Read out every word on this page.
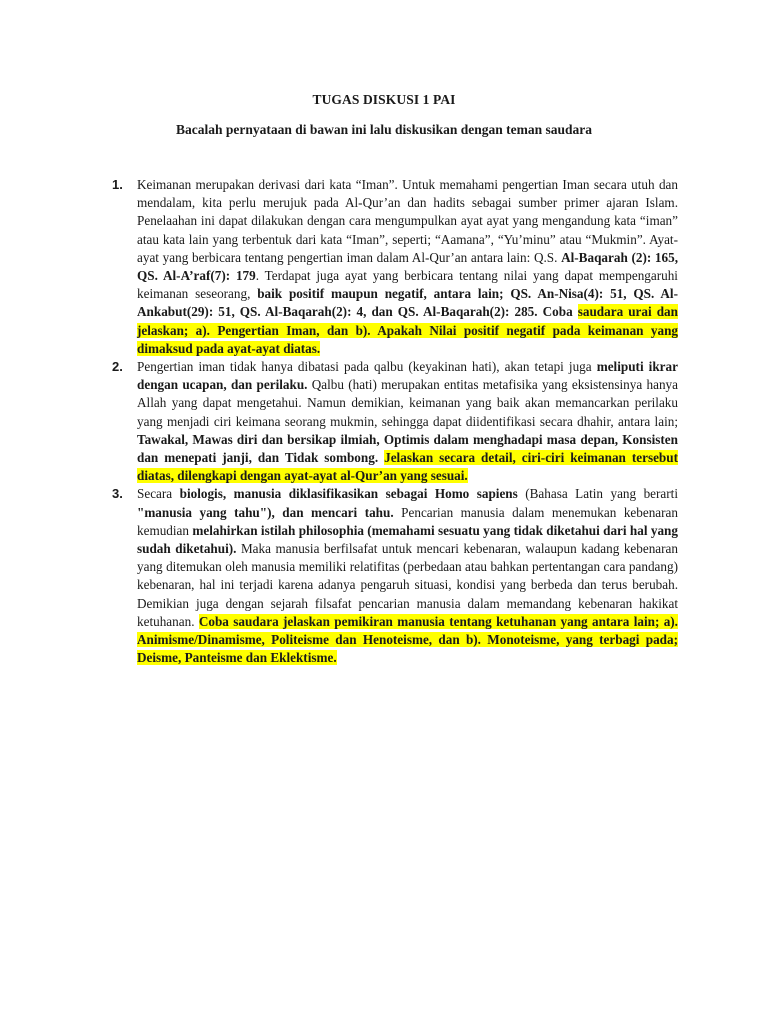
TUGAS DISKUSI 1 PAI
Bacalah pernyataan di bawan ini lalu diskusikan dengan teman saudara
1. Keimanan merupakan derivasi dari kata “Iman”. Untuk memahami pengertian Iman secara utuh dan mendalam, kita perlu merujuk pada Al-Qur’an dan hadits sebagai sumber primer ajaran Islam. Penelaahan ini dapat dilakukan dengan cara mengumpulkan ayat ayat yang mengandung kata “iman” atau kata lain yang terbentuk dari kata “Iman”, seperti; “Aamana”, “Yu’minu” atau “Mukmin”. Ayat-ayat yang berbicara tentang pengertian iman dalam Al-Qur’an antara lain: Q.S. Al-Baqarah (2): 165, QS. Al-A’raf(7): 179. Terdapat juga ayat yang berbicara tentang nilai yang dapat mempengaruhi keimanan seseorang, baik positif maupun negatif, antara lain; QS. An-Nisa(4): 51, QS. Al-Ankabut(29): 51, QS. Al-Baqarah(2): 4, dan QS. Al-Baqarah(2): 285. Coba saudara urai dan jelaskan; a). Pengertian Iman, dan b). Apakah Nilai positif negatif pada keimanan yang dimaksud pada ayat-ayat diatas.
2. Pengertian iman tidak hanya dibatasi pada qalbu (keyakinan hati), akan tetapi juga meliputi ikrar dengan ucapan, dan perilaku. Qalbu (hati) merupakan entitas metafisika yang eksistensinya hanya Allah yang dapat mengetahui. Namun demikian, keimanan yang baik akan memancarkan perilaku yang menjadi ciri keimana seorang mukmin, sehingga dapat diidentifikasi secara dhahir, antara lain; Tawakal, Mawas diri dan bersikap ilmiah, Optimis dalam menghadapi masa depan, Konsisten dan menepati janji, dan Tidak sombong. Jelaskan secara detail, ciri-ciri keimanan tersebut diatas, dilengkapi dengan ayat-ayat al-Qur’an yang sesuai.
3. Secara biologis, manusia diklasifikasikan sebagai Homo sapiens (Bahasa Latin yang berarti "manusia yang tahu"), dan mencari tahu. Pencarian manusia dalam menemukan kebenaran kemudian melahirkan istilah philosophia (memahami sesuatu yang tidak diketahui dari hal yang sudah diketahui). Maka manusia berfilsafat untuk mencari kebenaran, walaupun kadang kebenaran yang ditemukan oleh manusia memiliki relatifitas (perbedaan atau bahkan pertentangan cara pandang) kebenaran, hal ini terjadi karena adanya pengaruh situasi, kondisi yang berbeda dan terus berubah. Demikian juga dengan sejarah filsafat pencarian manusia dalam memandang kebenaran hakikat ketuhanan. Coba saudara jelaskan pemikiran manusia tentang ketuhanan yang antara lain; a). Animisme/Dinamisme, Politeisme dan Henoteisme, dan b). Monoteisme, yang terbagi pada; Deisme, Panteisme dan Eklektisme.
